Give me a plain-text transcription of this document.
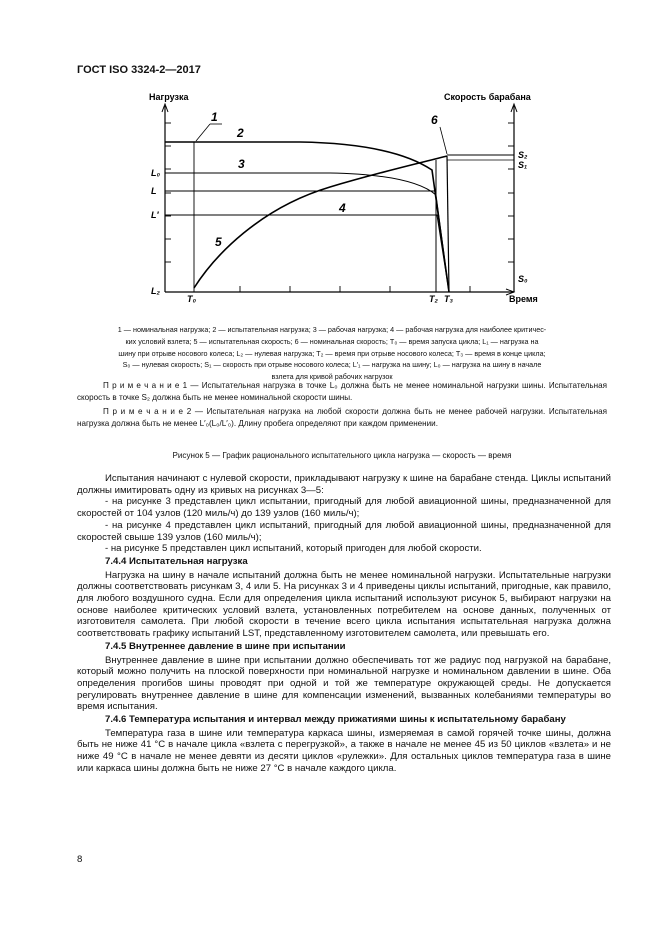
ГОСТ ISO 3324-2—2017
Нагрузка	Скорость барабана
Время
L₀
L
L′
L₂
T₀	T₂ T₃
S₂
S₁
S₀
1
2
3
4
5
6

1 — номинальная нагрузка; 2 — испытательная нагрузка; 3 — рабочая нагрузка; 4 — рабочая нагрузка для наиболее критичес-

ких условий взлета; 5 — испытательная скорость; 6 — номинальная скорость; T₀ — время запуска цикла; L₁ — нагрузка на

шину при отрыве носового колеса; L₂ — нулевая нагрузка; T₂ — время при отрыве носового колеса; T₃ — время в конце цикла;

S₀ — нулевая скорость; S₁ — скорость при отрыве носового колеса; L′₁ — нагрузка на шину; L₀ — нагрузка на шину в начале

взлета для кривой рабочих нагрузок

П р и м е ч а н и е 1 — Испытательная нагрузка в точке L₀ должна быть не менее номинальной нагрузки шины. Испытательная скорость в точке S₂ должна быть не менее номинальной скорости шины.

П р и м е ч а н и е 2 — Испытательная нагрузка на любой скорости должна быть не менее рабочей нагрузки. Испытательная нагрузка должна быть не менее L′₀(L₀/L′₀). Длину пробега определяют при каждом применении.

Рисунок 5 — График рационального испытательного цикла нагрузка — скорость — время

Испытания начинают с нулевой скорости, прикладывают нагрузку к шине на барабане стенда. Циклы испытаний должны имитировать одну из кривых на рисунках 3—5:

- на рисунке 3 представлен цикл испытании, пригодный для любой авиационной шины, предназначенной для скоростей от 104 узлов (120 миль/ч) до 139 узлов (160 миль/ч);

- на рисунке 4 представлен цикл испытаний, пригодный для любой авиационной шины, предназначенной для скоростей свыше 139 узлов (160 миль/ч);

- на рисунке 5 представлен цикл испытаний, который пригоден для любой скорости.

7.4.4 Испытательная нагрузка

Нагрузка на шину в начале испытаний должна быть не менее номинальной нагрузки. Испытательные нагрузки должны соответствовать рисункам 3, 4 или 5. На рисунках 3 и 4 приведены циклы испытаний, пригодные, как правило, для любого воздушного судна. Если для определения цикла испытаний используют рисунок 5, выбирают нагрузки на основе наиболее критических условий взлета, установленных потребителем на основе данных, полученных от изготовителя самолета. При любой скорости в течение всего цикла испытания испытательная нагрузка должна соответствовать графику испытаний LST, представленному изготовителем самолета, или превышать его.

7.4.5 Внутреннее давление в шине при испытании

Внутреннее давление в шине при испытании должно обеспечивать тот же радиус под нагрузкой на барабане, который можно получить на плоской поверхности при номинальной нагрузке и номинальном давлении в шине. Оба определения прогибов шины проводят при одной и той же температуре окружающей среды. Не допускается регулировать внутреннее давление в шине для компенсации изменений, вызванных колебаниями температуры во время испытания.

7.4.6 Температура испытания и интервал между прижатиями шины к испытательному барабану

Температура газа в шине или температура каркаса шины, измеряемая в самой горячей точке шины, должна быть не ниже 41 °С в начале цикла «взлета с перегрузкой», а также в начале не менее 45 из 50 циклов «взлета» и не ниже 49 °С в начале не менее девяти из десяти циклов «рулежки». Для остальных циклов температура газа в шине или каркаса шины должна быть не ниже 27 °С в начале каждого цикла.

8
